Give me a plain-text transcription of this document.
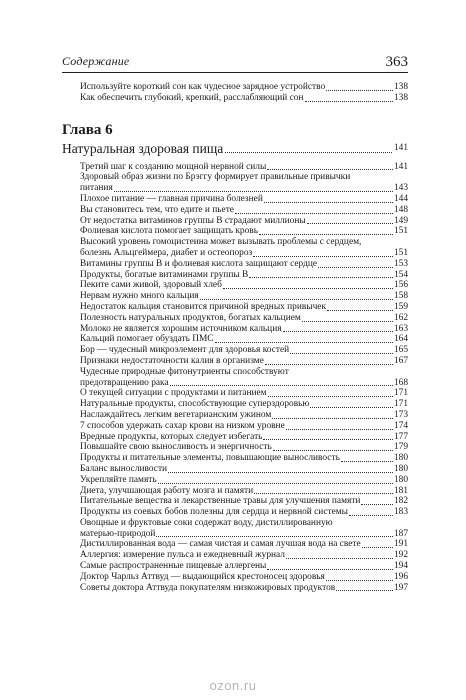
Содержание	363
Используйте короткий сон как чудесное зарядное устройство	138
Как обеспечить глубокий, крепкий, расслабляющий сон	138
Глава 6
Натуральная здоровая пища	141
Третий шаг к созданию мощной нервной силы	141
Здоровый образ жизни по Брэггу формирует правильные привычки
питания	143
Плохое питание — главная причина болезней	144
Вы становитесь тем, что едите и пьете	148
От недостатка витаминов группы В страдают миллионы	149
Фолиевая кислота помогает защищать кровь	151
Высокий уровень гомоцистеина может вызывать проблемы с сердцем,
болезнь Альцгеймера, диабет и остеопороз	151
Витамины группы В и фолиевая кислота защищают сердце	153
Продукты, богатые витаминами группы В	154
Пеките сами живой, здоровый хлеб	156
Нервам нужно много кальция	158
Недостаток кальция становится причиной вредных привычек	159
Полезность натуральных продуктов, богатых кальцием	162
Молоко не является хорошим источником кальция	163
Кальций помогает обуздать ПМС	164
Бор — чудесный микроэлемент для здоровья костей	165
Признаки недостаточности калия в организме	167
Чудесные природные фитонутриенты способствуют
предотвращению рака	168
О текущей ситуации с продуктами и питанием	171
Натуральные продукты, способствующие суперздоровью	171
Наслаждайтесь легким вегетарианским ужином	173
7 способов удержать сахар крови на низком уровне	174
Вредные продукты, которых следует избегать	177
Повышайте свою выносливость и энергичность	179
Продукты и питательные элементы, повышающие выносливость	180
Баланс выносливости	180
Укрепляйте память	180
Диета, улучшающая работу мозга и памяти	181
Питательные вещества и лекарственные травы для улучшения памяти	182
Продукты из соевых бобов полезны для сердца и нервной системы	183
Овощные и фруктовые соки содержат воду, дистиллированную
матерью-природой	187
Дистиллированная вода — самая чистая и самая лучшая вода на свете	191
Аллергия: измерение пульса и ежедневный журнал	192
Самые распространенные пищевые аллергены	194
Доктор Чарльз Аттвуд — выдающийся крестоносец здоровья	196
Советы доктора Аттвуда покупателям низкожировых продуктов	197
ozon.ru
